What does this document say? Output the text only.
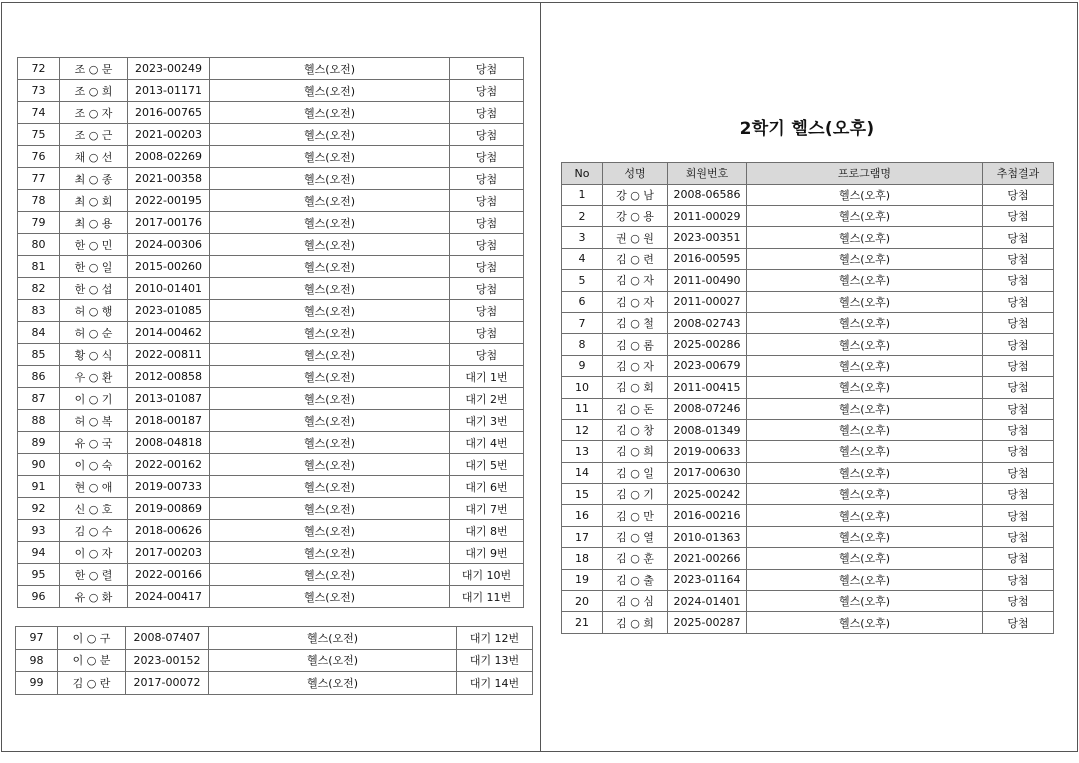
72	조 ○ 문	2023-00249	헬스(오전)	당첨
73	조 ○ 희	2013-01171	헬스(오전)	당첨
74	조 ○ 자	2016-00765	헬스(오전)	당첨
75	조 ○ 근	2021-00203	헬스(오전)	당첨
76	채 ○ 선	2008-02269	헬스(오전)	당첨
77	최 ○ 종	2021-00358	헬스(오전)	당첨
78	최 ○ 회	2022-00195	헬스(오전)	당첨
79	최 ○ 용	2017-00176	헬스(오전)	당첨
80	한 ○ 민	2024-00306	헬스(오전)	당첨
81	한 ○ 일	2015-00260	헬스(오전)	당첨
82	한 ○ 섭	2010-01401	헬스(오전)	당첨
83	허 ○ 행	2023-01085	헬스(오전)	당첨
84	허 ○ 순	2014-00462	헬스(오전)	당첨
85	황 ○ 식	2022-00811	헬스(오전)	당첨
86	우 ○ 환	2012-00858	헬스(오전)	대기 1번
87	이 ○ 기	2013-01087	헬스(오전)	대기 2번
88	허 ○ 복	2018-00187	헬스(오전)	대기 3번
89	유 ○ 국	2008-04818	헬스(오전)	대기 4번
90	이 ○ 숙	2022-00162	헬스(오전)	대기 5번
91	현 ○ 애	2019-00733	헬스(오전)	대기 6번
92	신 ○ 호	2019-00869	헬스(오전)	대기 7번
93	김 ○ 수	2018-00626	헬스(오전)	대기 8번
94	이 ○ 자	2017-00203	헬스(오전)	대기 9번
95	한 ○ 렬	2022-00166	헬스(오전)	대기 10번
96	유 ○ 화	2024-00417	헬스(오전)	대기 11번
97	이 ○ 구	2008-07407	헬스(오전)	대기 12번
98	이 ○ 분	2023-00152	헬스(오전)	대기 13번
99	김 ○ 란	2017-00072	헬스(오전)	대기 14번
2학기 헬스(오후)
No	성명	회원번호	프로그램명	추첨결과
1	강 ○ 남	2008-06586	헬스(오후)	당첨
2	강 ○ 용	2011-00029	헬스(오후)	당첨
3	권 ○ 원	2023-00351	헬스(오후)	당첨
4	김 ○ 련	2016-00595	헬스(오후)	당첨
5	김 ○ 자	2011-00490	헬스(오후)	당첨
6	김 ○ 자	2011-00027	헬스(오후)	당첨
7	김 ○ 철	2008-02743	헬스(오후)	당첨
8	김 ○ 롬	2025-00286	헬스(오후)	당첨
9	김 ○ 자	2023-00679	헬스(오후)	당첨
10	김 ○ 회	2011-00415	헬스(오후)	당첨
11	김 ○ 돈	2008-07246	헬스(오후)	당첨
12	김 ○ 창	2008-01349	헬스(오후)	당첨
13	김 ○ 희	2019-00633	헬스(오후)	당첨
14	김 ○ 일	2017-00630	헬스(오후)	당첨
15	김 ○ 기	2025-00242	헬스(오후)	당첨
16	김 ○ 만	2016-00216	헬스(오후)	당첨
17	김 ○ 열	2010-01363	헬스(오후)	당첨
18	김 ○ 훈	2021-00266	헬스(오후)	당첨
19	김 ○ 출	2023-01164	헬스(오후)	당첨
20	김 ○ 심	2024-01401	헬스(오후)	당첨
21	김 ○ 희	2025-00287	헬스(오후)	당첨
